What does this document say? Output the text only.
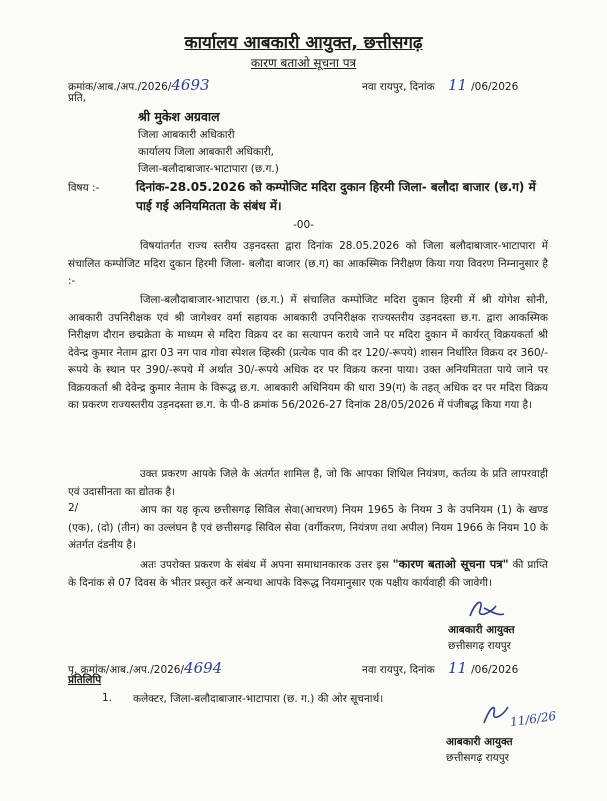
कार्यालय आबकारी आयुक्त, छत्तीसगढ़
कारण बताओ सूचना पत्र
क्रमांक/आब./अप./2026/4693	नवा रायपुर, दिनांक 11 /06/2026
प्रति,
श्री मुकेश अग्रवाल
जिला आबकारी अधिकारी
कार्यालय जिला आबकारी अधिकारी,
जिला-बलौदाबाजार-भाटापारा (छ.ग.)
विषय :-	दिनांक-28.05.2026 को कम्पोजिट मदिरा दुकान हिरमी जिला- बलौदा बाजार (छ.ग) में पाई गई अनियमितता के संबंध में।
-00-
विषयांतर्गत राज्य स्तरीय उड़नदस्ता द्वारा दिनांक 28.05.2026 को जिला बलौदाबाजार-भाटापारा में संचालित कम्पोजिट मदिरा दुकान हिरमी जिला- बलौदा बाजार (छ.ग) का आकस्मिक निरीक्षण किया गया विवरण निम्नानुसार है :-
जिला-बलौदाबाजार-भाटापारा (छ.ग.) में संचालित कम्पोजिट मदिरा दुकान हिरमी में श्री योगेश सोनी, आबकारी उपनिरीक्षक एवं श्री जागेश्वर वर्मा सहायक आबकारी उपनिरीक्षक राज्यस्तरीय उड़नदस्ता छ.ग. द्वारा आकस्मिक निरीक्षण दौरान छद्मक्रेता के माध्यम से मदिरा विक्रय दर का सत्यापन कराये जाने पर मदिरा दुकान में कार्यरत् विक्रयकर्ता श्री देवेन्द्र कुमार नेताम द्वारा 03 नग पाव गोवा स्पेशल व्हिस्की (प्रत्येक पाव की दर 120/-रूपये) शासन निर्धारित विक्रय दर 360/-रूपये के स्थान पर 390/-रूपये में अर्थात 30/-रूपये अधिक दर पर विक्रय करना पाया। उक्त अनियमितता पाये जाने पर विक्रयकर्ता श्री देवेन्द्र कुमार नेताम के विरूद्ध छ.ग. आबकारी अधिनियम की धारा 39(ग) के तहत् अधिक दर पर मदिरा विक्रय का प्रकरण राज्यस्तरीय उड़नदस्ता छ.ग. के पी-8 क्रमांक 56/2026-27 दिनांक 28/05/2026 में पंजीबद्ध किया गया है।
उक्त प्रकरण आपके जिले के अंतर्गत शामिल है, जो कि आपका शिथिल नियंत्रण, कर्तव्य के प्रति लापरवाही एवं उदासीनता का द्योतक है।
2/	आप का यह कृत्य छत्तीसगढ़ सिविल सेवा(आचरण) नियम 1965 के नियम 3 के उपनियम (1) के खण्ड (एक), (दो) (तीन) का उल्लंघन है एवं छत्तीसगढ़ सिविल सेवा (वर्गीकरण, नियंत्रण तथा अपील) नियम 1966 के नियम 10 के अंतर्गत दंडनीय है।
अतः उपरोक्त प्रकरण के संबंध में अपना समाधानकारक उत्तर इस "कारण बताओ सूचना पत्र" की प्राप्ति के दिनांक से 07 दिवस के भीतर प्रस्तुत करें अन्यथा आपके विरूद्ध नियमानुसार एक पक्षीय कार्यवाही की जावेगी।
आबकारी आयुक्त
छत्तीसगढ़ रायपुर
पृ. क्रमांक/आब./अप./2026/4694	नवा रायपुर, दिनांक 11 /06/2026
प्रतिलिपि
1. कलेक्टर, जिला-बलौदाबाजार-भाटापारा (छ. ग.) की ओर सूचनार्थ।
11/6/26
आबकारी आयुक्त
छत्तीसगढ़ रायपुर
